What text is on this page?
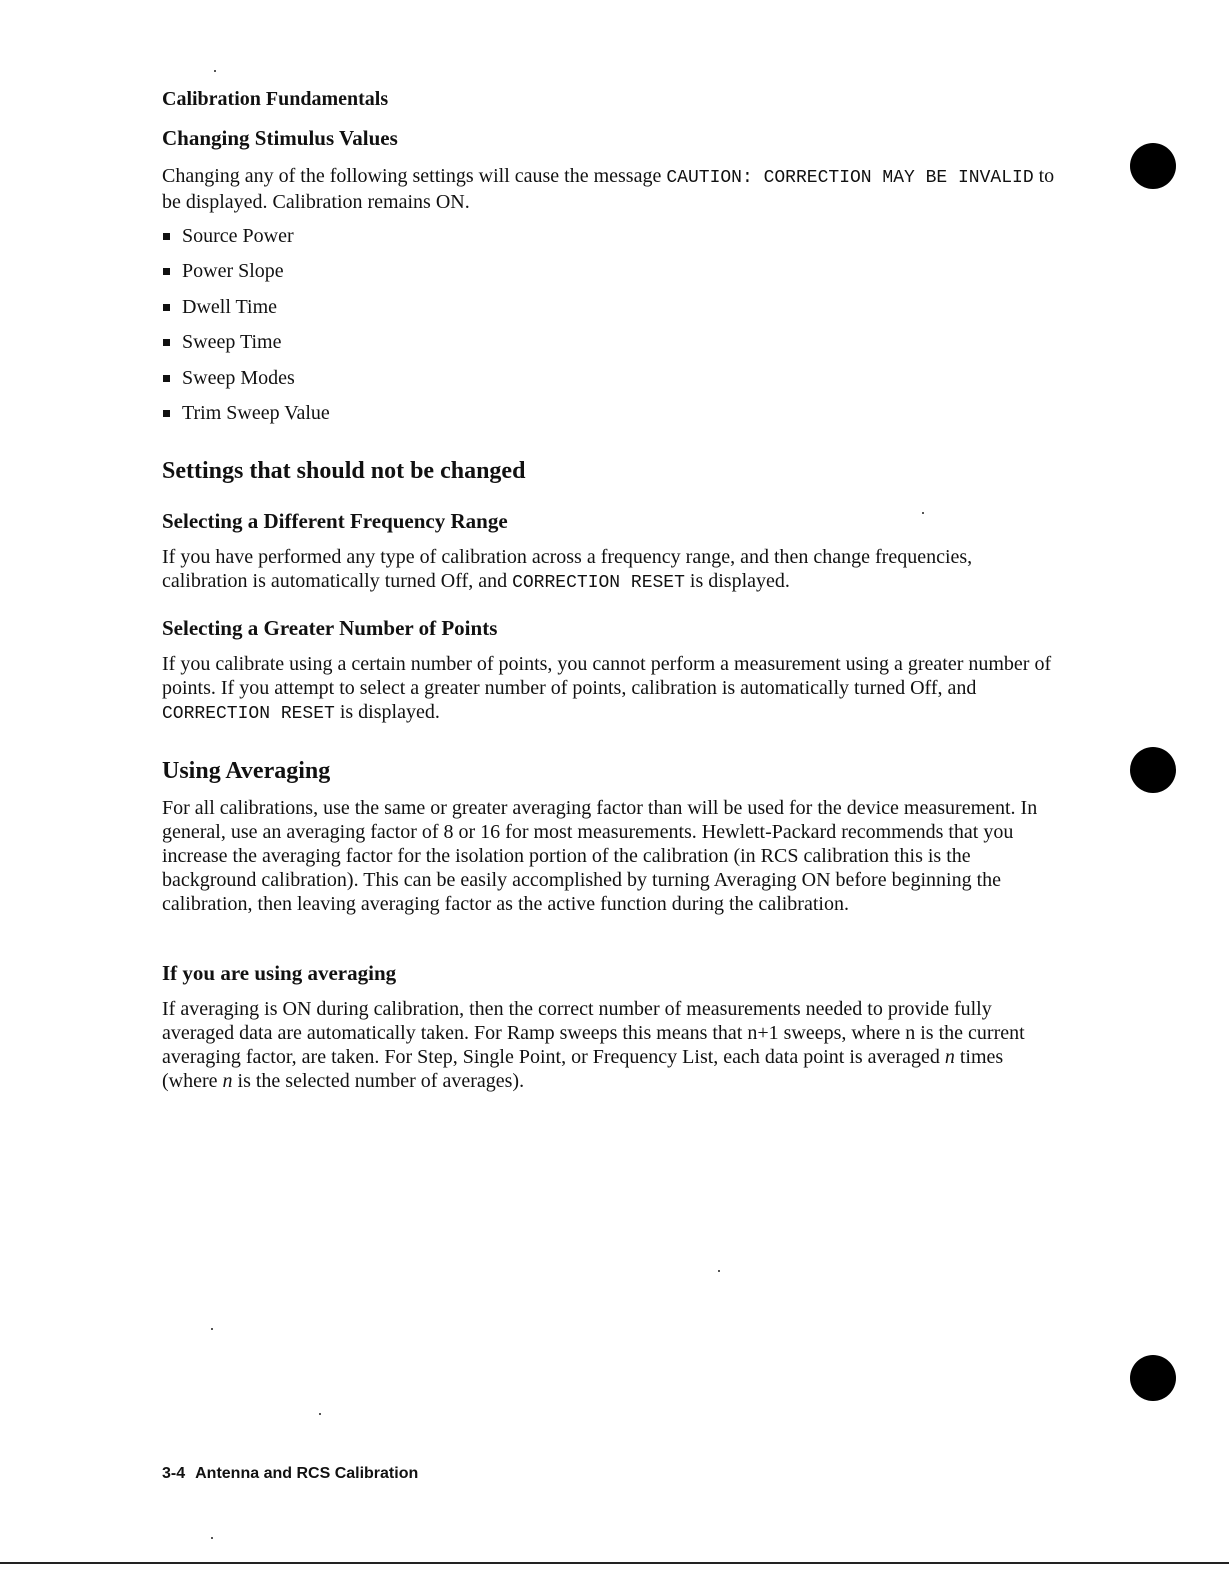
Calibration Fundamentals
Changing Stimulus Values

Changing any of the following settings will cause the message CAUTION: CORRECTION MAY BE INVALID to be displayed. Calibration remains ON.

Source Power
Power Slope
Dwell Time
Sweep Time
Sweep Modes
Trim Sweep Value
Settings that should not be changed
Selecting a Different Frequency Range

If you have performed any type of calibration across a frequency range, and then change frequencies, calibration is automatically turned Off, and CORRECTION RESET is displayed.

Selecting a Greater Number of Points

If you calibrate using a certain number of points, you cannot perform a measurement using a greater number of points. If you attempt to select a greater number of points, calibration is automatically turned Off, and CORRECTION RESET is displayed.

Using Averaging

For all calibrations, use the same or greater averaging factor than will be used for the device measurement. In general, use an averaging factor of 8 or 16 for most measurements. Hewlett-Packard recommends that you increase the averaging factor for the isolation portion of the calibration (in RCS calibration this is the background calibration). This can be easily accomplished by turning Averaging ON before beginning the calibration, then leaving averaging factor as the active function during the calibration.

If you are using averaging

If averaging is ON during calibration, then the correct number of measurements needed to provide fully averaged data are automatically taken. For Ramp sweeps this means that n+1 sweeps, where n is the current averaging factor, are taken. For Step, Single Point, or Frequency List, each data point is averaged n times (where n is the selected number of averages).

3-4 Antenna and RCS Calibration
